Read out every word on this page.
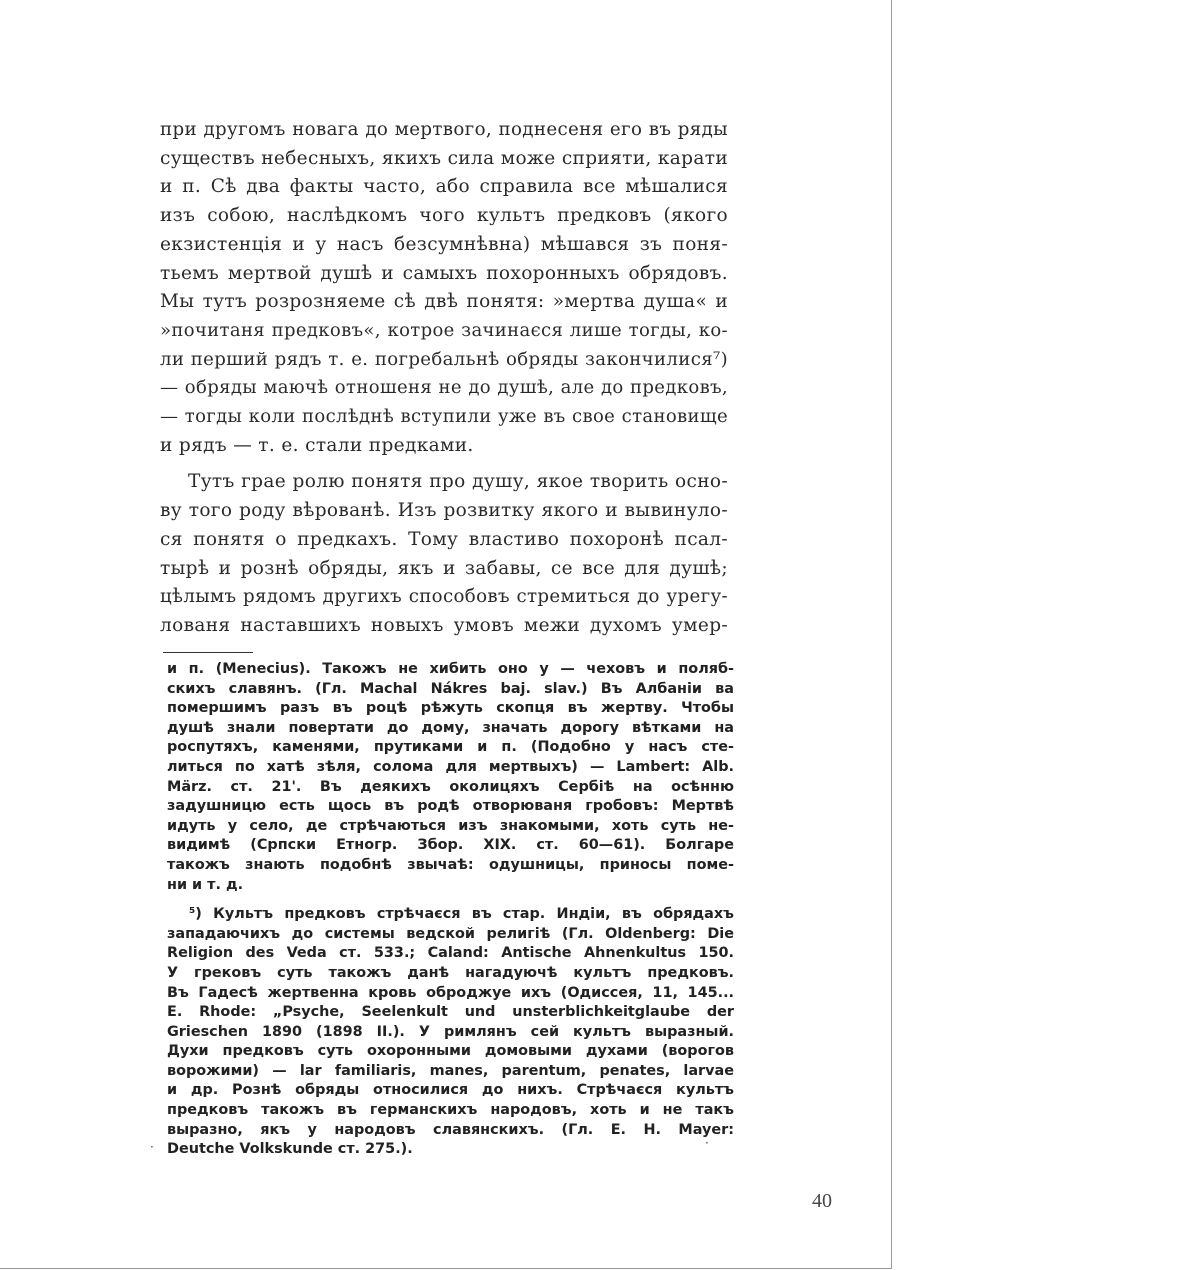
при другомъ новага до мертвого, поднесеня его въ ряды
существъ небесныхъ, якихъ сила може сприяти, карати
и п. Сѣ два факты часто, або справила все мѣшалися
изъ собою, наслѣдкомъ чого культъ предковъ (якого
екзистенція и у насъ безсумнѣвна) мѣшався зъ поня-
тьемъ мертвой душѣ и самыхъ похоронныхъ обрядовъ.
Мы тутъ розрозняеме сѣ двѣ понятя: »мертва душа« и
»почитаня предковъ«, котрое зачинаєся лише тогды, ко-
ли перший рядъ т. е. погребальнѣ обряды закончилися⁷)
— обряды маючѣ отношеня не до душѣ, але до предковъ,
— тогды коли послѣднѣ вступили уже въ свое становище
и рядъ — т. е. стали предками.

Тутъ грае ролю понятя про душу, якое творить осно-
ву того роду вѣрованѣ. Изъ розвитку якого и вывинуло-
ся понятя о предкахъ. Тому властиво похоронѣ псал-
тырѣ и рознѣ обряды, якъ и забавы, се все для душѣ;
цѣлымъ рядомъ другихъ способовъ стремиться до урегу-
лованя наставшихъ новыхъ умовъ межи духомъ умер-

и п. (Menecius). Такожъ не хибить оно у — чеховъ и поляб-
скихъ славянъ. (Гл. Machal Nákres baj. slav.) Въ Албаніи ва
помершимъ разъ въ роцѣ рѣжуть скопця въ жертву. Чтобы
душѣ знали повертати до дому, значать дорогу вѣтками на
роспутяхъ, каменями, прутиками и п. (Подобно у насъ сте-
литься по хатѣ зѣля, солома для мертвыхъ) — Lambert: Alb.
März. ст. 21'. Въ деякихъ околицяхъ Сербіѣ на осѣнню
задушницю есть щось въ родѣ отворюваня гробовъ: Мертвѣ
идуть у село, де стрѣчаються изъ знакомыми, хоть суть не-
видимѣ (Српски Етногр. Збор. XIX. ст. 60—61). Болгаре
такожъ знають подобнѣ звычаѣ: одушницы, приносы поме-
ни и т. д.

⁵) Культъ предковъ стрѣчаєся въ стар. Индіи, въ обрядахъ
западаючихъ до системы ведской религіѣ (Гл. Oldenberg: Die
Religion des Veda ст. 533.; Caland: Antische Ahnenkultus 150.
У грековъ суть такожъ данѣ нагадуючѣ культъ предковъ.
Въ Гадесѣ жертвенна кровь оброджуе ихъ (Одиссея, 11, 145...
E. Rhode: „Psyche, Seelenkult und unsterblichkeitglaube der
Grieschen 1890 (1898 II.). У римлянъ сей культъ выразный.
Духи предковъ суть охоронными домовыми духами (ворогов
ворожими) — lar familiaris, manes, parentum, penates, larvae
и др. Рознѣ обряды относилися до нихъ. Стрѣчаєся культъ
предковъ такожъ въ германскихъ народовъ, хоть и не такъ
выразно, якъ у народовъ славянскихъ. (Гл. E. H. Mayer:
Deutche Volkskunde ст. 275.).

·	·
40
